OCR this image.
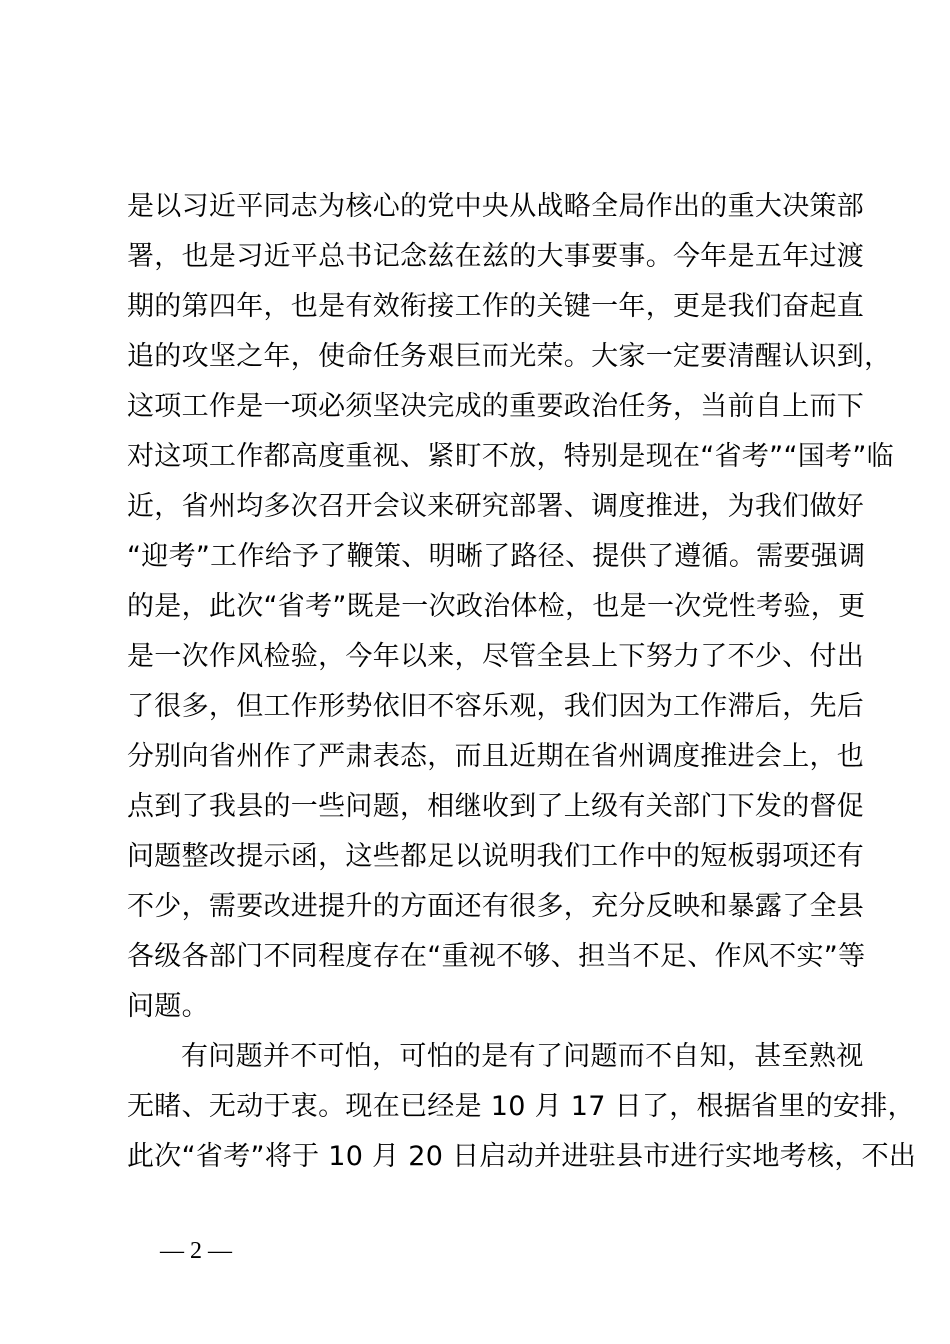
是以习近平同志为核心的党中央从战略全局作出的重大决策部
署，也是习近平总书记念兹在兹的大事要事。今年是五年过渡
期的第四年，也是有效衔接工作的关键一年，更是我们奋起直
追的攻坚之年，使命任务艰巨而光荣。大家一定要清醒认识到，
这项工作是一项必须坚决完成的重要政治任务，当前自上而下
对这项工作都高度重视、紧盯不放，特别是现在“省考”“国考”临
近，省州均多次召开会议来研究部署、调度推进，为我们做好
“迎考”工作给予了鞭策、明晰了路径、提供了遵循。需要强调
的是，此次“省考”既是一次政治体检，也是一次党性考验，更
是一次作风检验，今年以来，尽管全县上下努力了不少、付出
了很多，但工作形势依旧不容乐观，我们因为工作滞后，先后
分别向省州作了严肃表态，而且近期在省州调度推进会上，也
点到了我县的一些问题，相继收到了上级有关部门下发的督促
问题整改提示函，这些都足以说明我们工作中的短板弱项还有
不少，需要改进提升的方面还有很多，充分反映和暴露了全县
各级各部门不同程度存在“重视不够、担当不足、作风不实”等
问题。
有问题并不可怕，可怕的是有了问题而不自知，甚至熟视
无睹、无动于衷。现在已经是 10 月 17 日了，根据省里的安排，
此次“省考”将于 10 月 20 日启动并进驻县市进行实地考核，不出
— 2 —
